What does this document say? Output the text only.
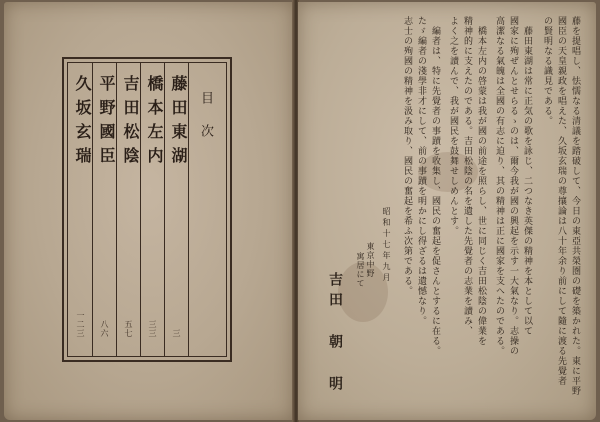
目次
藤田東湖
三
橋本左内
三三
吉田松陰
五七
平野國臣
八六
久坂玄瑞
一二三	藤を提唱し、怯懦なる清議を踏破して、今日の東亞共榮圏の礎を築かれた。東に平野
國臣の天皇親政を唱えた、久坂玄瑞の尊攘論は八十年余り前にして隨に渡る先覺者
の賢明なる識見である。
藤田東湖は常に正気の歌を詠じ、二つなき英傑の精神を本として以て
國家に殉ぜんとせらるゝのは、爾今我が國の興起を示す一大氣なり。志操の
高潔なる氣魄は全國の有志に迫り、其の精神は正に國家を支へたのである。
橋本左内の啓蒙は我が國の前途を照らし、世に同じく吉田松陰の偉業を
精神的に支えたのである。吉田松陰の名を遺した先覺者の志業を讀み、
よく之を讀んで、我が國民を鼓舞せしめんとす。
編者は、特に先覺者の事蹟を收集し、國民の奮起を促さんとするに在る。
たゞ編者の淺學非才にして、前の事蹟を明かにし得ざるは遺憾なり。
志士の殉國の精神を汲み取り、國民の奮起を希ふ次第である。
昭和十七年九月
東京中野
寓居にて
吉田 朝 明
